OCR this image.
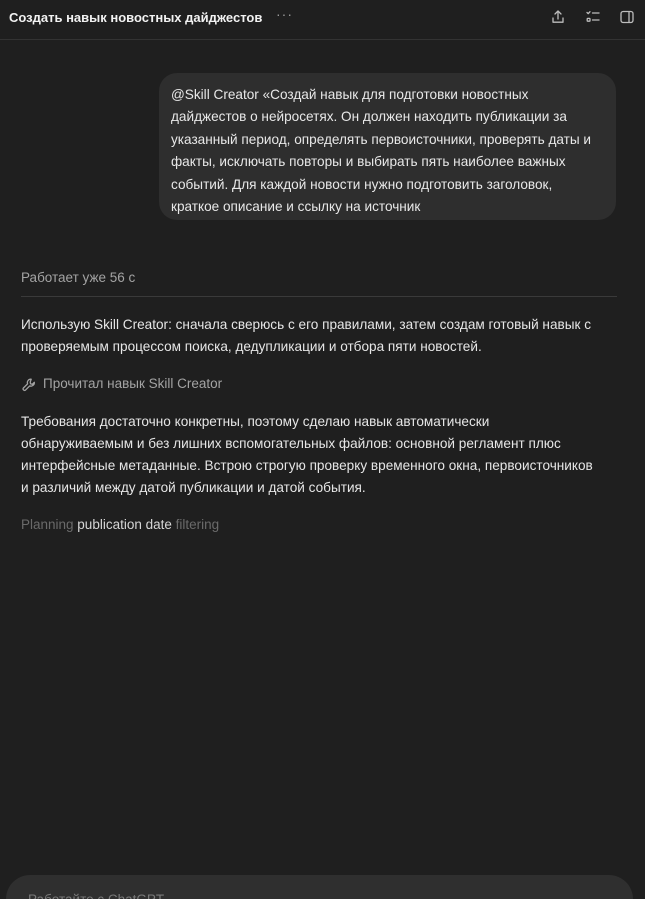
Создать навык новостных дайджестов ···
@Skill Creator «Создай навык для подготовки новостных
дайджестов о нейросетях. Он должен находить публикации за
указанный период, определять первоисточники, проверять даты и
факты, исключать повторы и выбирать пять наиболее важных
событий. Для каждой новости нужно подготовить заголовок,
краткое описание и ссылку на источник
Работает уже 56 с
Использую Skill Creator: сначала сверюсь с его правилами, затем создам готовый навык с
проверяемым процессом поиска, дедупликации и отбора пяти новостей.
Прочитал навык Skill Creator
Требования достаточно конкретны, поэтому сделаю навык автоматически
обнаруживаемым и без лишних вспомогательных файлов: основной регламент плюс
интерфейсные метаданные. Встрою строгую проверку временного окна, первоисточников
и различий между датой публикации и датой события.
Planning publication date filtering
Работайте с ChatGPT
